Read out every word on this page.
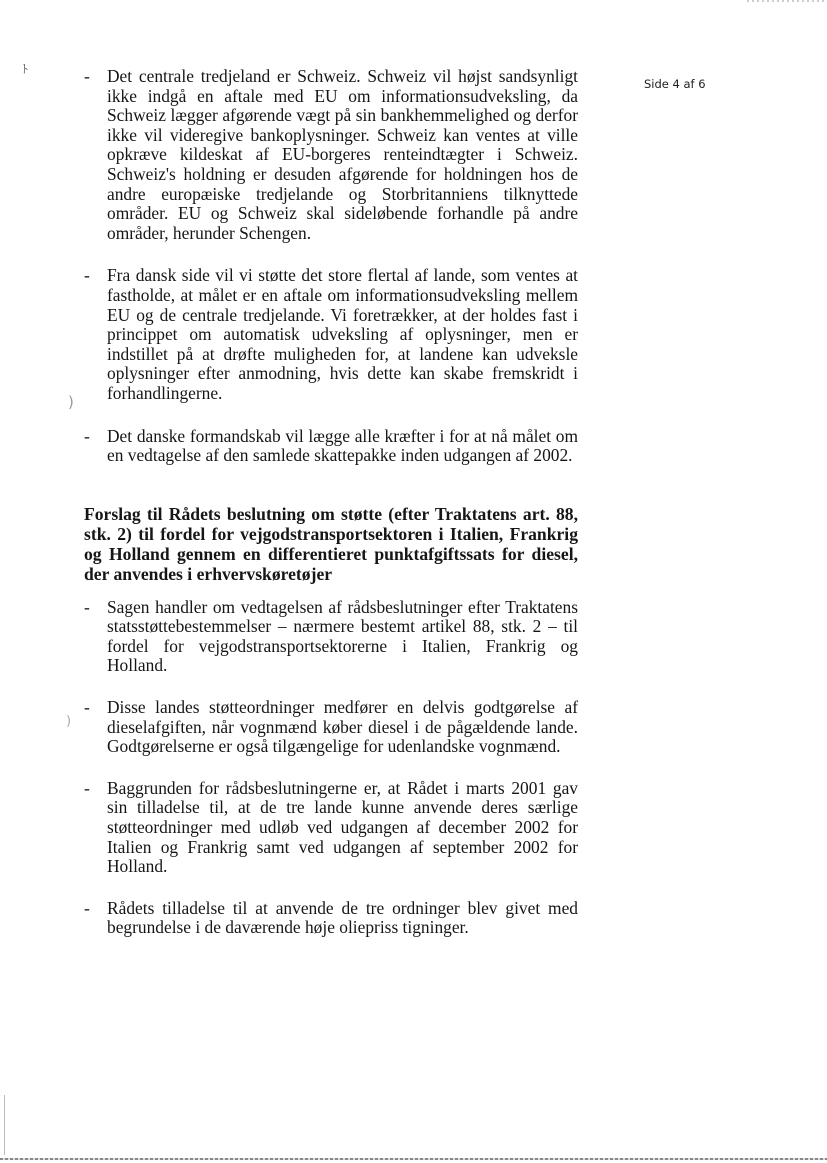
ﾄ
)
)
Side 4 af 6
- Det centrale tredjeland er Schweiz. Schweiz vil højst sandsynligt ikke indgå en aftale med EU om informationsudveksling, da Schweiz lægger afgørende vægt på sin bankhemmelighed og derfor ikke vil videregive bankoplysninger. Schweiz kan ventes at ville opkræve kildeskat af EU-borgeres renteindtægter i Schweiz. Schweiz's holdning er desuden afgørende for holdningen hos de andre europæiske tredjelande og Storbritanniens tilknyttede områder. EU og Schweiz skal sideløbende forhandle på andre områder, herunder Schengen.
- Fra dansk side vil vi støtte det store flertal af lande, som ventes at fastholde, at målet er en aftale om informationsudveksling mellem EU og de centrale tredjelande. Vi foretrækker, at der holdes fast i princippet om automatisk udveksling af oplysninger, men er indstillet på at drøfte muligheden for, at landene kan udveksle oplysninger efter anmodning, hvis dette kan skabe fremskridt i forhandlingerne.
- Det danske formandskab vil lægge alle kræfter i for at nå målet om en vedtagelse af den samlede skattepakke inden udgangen af 2002.
Forslag til Rådets beslutning om støtte (efter Traktatens art. 88, stk. 2) til fordel for vejgodstransportsektoren i Italien, Frankrig og Holland gennem en differentieret punktafgiftssats for diesel, der anvendes i erhvervskøretøjer
- Sagen handler om vedtagelsen af rådsbeslutninger efter Traktatens statsstøttebestemmelser – nærmere bestemt artikel 88, stk. 2 – til fordel for vejgodstransportsektorerne i Italien, Frankrig og Holland.
- Disse landes støtteordninger medfører en delvis godtgørelse af dieselafgiften, når vognmænd køber diesel i de pågældende lande. Godtgørelserne er også tilgængelige for udenlandske vognmænd.
- Baggrunden for rådsbeslutningerne er, at Rådet i marts 2001 gav sin tilladelse til, at de tre lande kunne anvende deres særlige støtteordninger med udløb ved udgangen af december 2002 for Italien og Frankrig samt ved udgangen af september 2002 for Holland.
- Rådets tilladelse til at anvende de tre ordninger blev givet med begrundelse i de daværende høje oliepriss tigninger.
